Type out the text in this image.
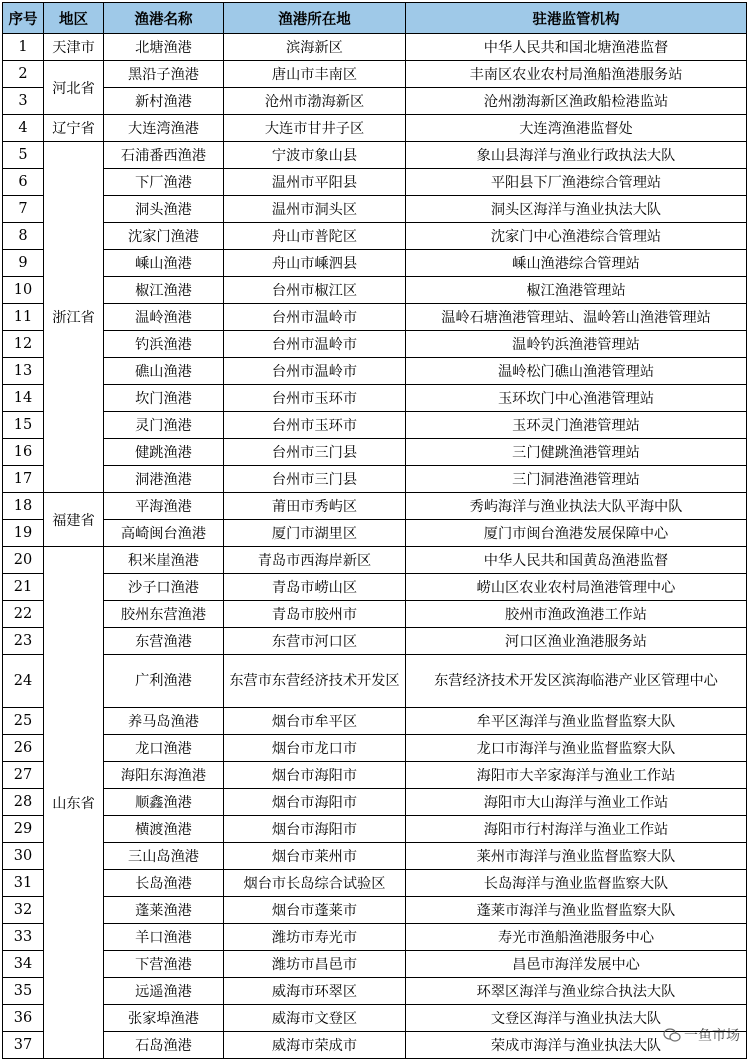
序号	地区	渔港名称	渔港所在地	驻港监管机构
1	天津市	北塘渔港	滨海新区	中华人民共和国北塘渔港监督
2	河北省	黑沿子渔港	唐山市丰南区	丰南区农业农村局渔船渔港服务站
3		新村渔港	沧州市渤海新区	沧州渤海新区渔政船检港监站
4	辽宁省	大连湾渔港	大连市甘井子区	大连湾渔港监督处
5	浙江省	石浦番西渔港	宁波市象山县	象山县海洋与渔业行政执法大队
6		下厂渔港	温州市平阳县	平阳县下厂渔港综合管理站
7		洞头渔港	温州市洞头区	洞头区海洋与渔业执法大队
8		沈家门渔港	舟山市普陀区	沈家门中心渔港综合管理站
9		嵊山渔港	舟山市嵊泗县	嵊山渔港综合管理站
10		椒江渔港	台州市椒江区	椒江渔港管理站
11		温岭渔港	台州市温岭市	温岭石塘渔港管理站、温岭箬山渔港管理站
12		钓浜渔港	台州市温岭市	温岭钓浜渔港管理站
13		礁山渔港	台州市温岭市	温岭松门礁山渔港管理站
14		坎门渔港	台州市玉环市	玉环坎门中心渔港管理站
15		灵门渔港	台州市玉环市	玉环灵门渔港管理站
16		健跳渔港	台州市三门县	三门健跳渔港管理站
17		洞港渔港	台州市三门县	三门洞港渔港管理站
18	福建省	平海渔港	莆田市秀屿区	秀屿海洋与渔业执法大队平海中队
19		高崎闽台渔港	厦门市湖里区	厦门市闽台渔港发展保障中心
20	山东省	积米崖渔港	青岛市西海岸新区	中华人民共和国黄岛渔港监督
21		沙子口渔港	青岛市崂山区	崂山区农业农村局渔港管理中心
22		胶州东营渔港	青岛市胶州市	胶州市渔政渔港工作站
23		东营渔港	东营市河口区	河口区渔业渔港服务站
24		广利渔港	东营市东营经济技术开发区	东营经济技术开发区滨海临港产业区管理中心
25		养马岛渔港	烟台市牟平区	牟平区海洋与渔业监督监察大队
26		龙口渔港	烟台市龙口市	龙口市海洋与渔业监督监察大队
27		海阳东海渔港	烟台市海阳市	海阳市大辛家海洋与渔业工作站
28		顺鑫渔港	烟台市海阳市	海阳市大山海洋与渔业工作站
29		横渡渔港	烟台市海阳市	海阳市行村海洋与渔业工作站
30		三山岛渔港	烟台市莱州市	莱州市海洋与渔业监督监察大队
31		长岛渔港	烟台市长岛综合试验区	长岛海洋与渔业监督监察大队
32		蓬莱渔港	烟台市蓬莱市	蓬莱市海洋与渔业监督监察大队
33		羊口渔港	潍坊市寿光市	寿光市渔船渔港服务中心
34		下营渔港	潍坊市昌邑市	昌邑市海洋发展中心
35		远遥渔港	威海市环翠区	环翠区海洋与渔业综合执法大队
36		张家埠渔港	威海市文登区	文登区海洋与渔业执法大队
37		石岛渔港	威海市荣成市	荣成市海洋与渔业执法大队
一鱼市场
